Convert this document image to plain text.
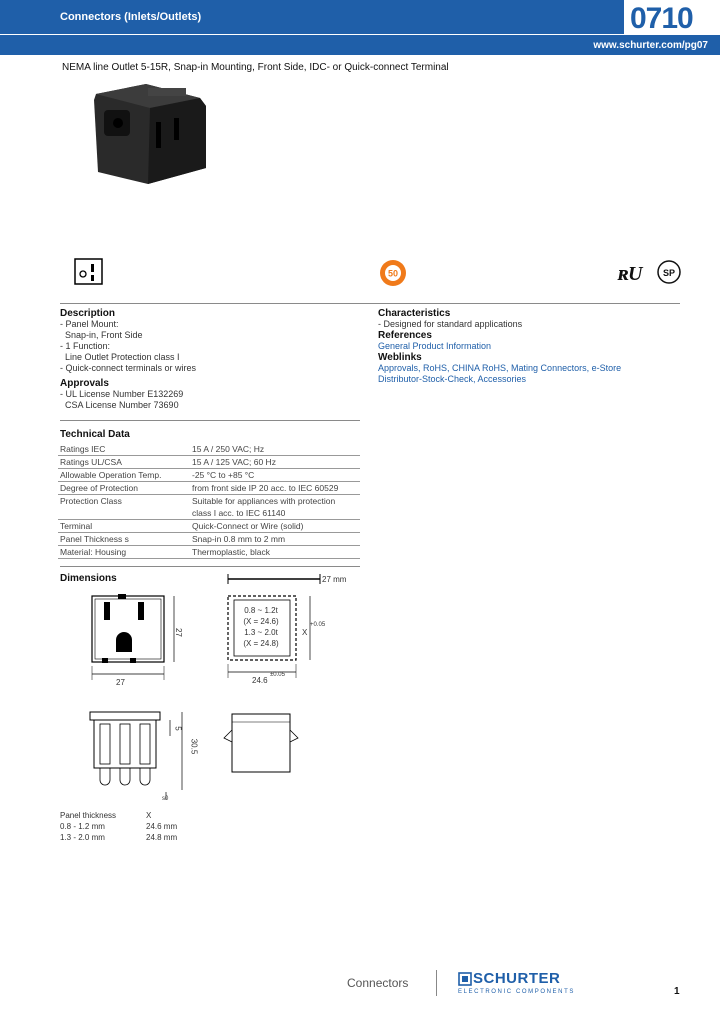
Connectors (Inlets/Outlets)	0710
www.schurter.com/pg07
NEMA line Outlet 5-15R, Snap-in Mounting, Front Side, IDC- or Quick-connect Terminal
50	ʀ U SP
Description
- Panel Mount:
Snap-in, Front Side
- 1 Function:
Line Outlet Protection class I
- Quick-connect terminals or wires
Approvals
- UL License Number E132269
CSA License Number 73690
Characteristics
- Designed for standard applications
References
General Product Information
Weblinks
Approvals, RoHS, CHINA RoHS, Mating Connectors, e-Store
Distributor-Stock-Check, Accessories
Technical Data
Ratings IEC	15 A / 250 VAC; Hz
Ratings UL/CSA	15 A / 125 VAC; 60 Hz
Allowable Operation Temp.	-25 °C to +85 °C
Degree of Protection	from front side IP 20 acc. to IEC 60529
Protection Class	Suitable for appliances with protection
	class I acc. to IEC 61140
Terminal	Quick-Connect or Wire (solid)
Panel Thickness s	Snap-in 0.8 mm to 2 mm
Material: Housing	Thermoplastic, black
Dimensions	27 mm
27
27
0.8 ~ 1.2t
(X = 24.6)
1.3 ~ 2.0t
(X = 24.8)
24.6
±0.05
X
+0.05
30.5
5
s0
Panel thickness	X
0.8 - 1.2 mm	24.6 mm
1.3 - 2.0 mm	24.8 mm
Connectors	SCHURTER
ELECTRONIC COMPONENTS	1
